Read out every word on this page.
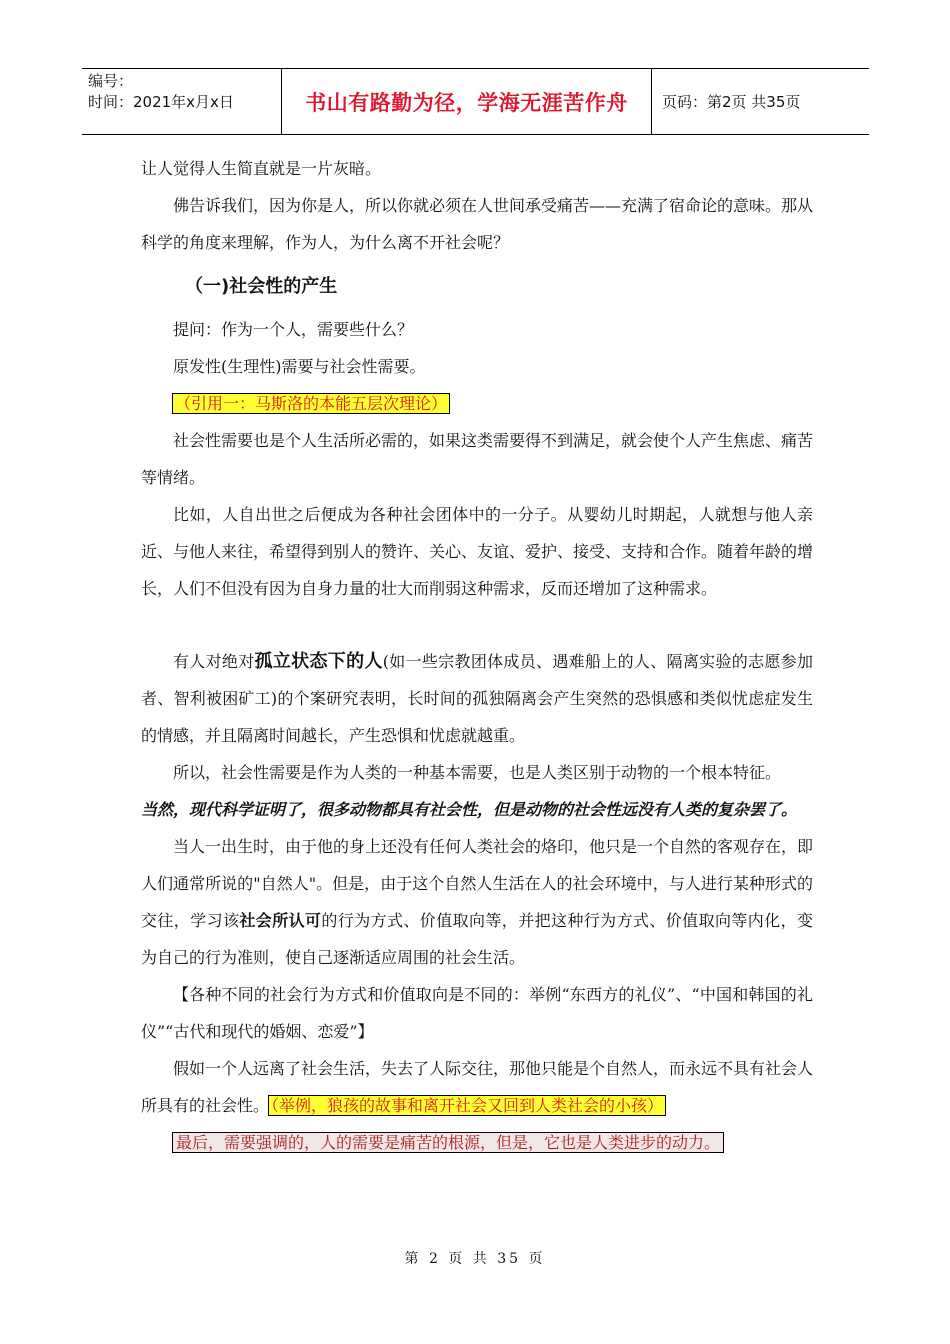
编号：
时间：2021年x月x日	书山有路勤为径，学海无涯苦作舟	页码：第2页 共35页

让人觉得人生简直就是一片灰暗。

佛告诉我们，因为你是人，所以你就必须在人世间承受痛苦——充满了宿命论的意味。那从科学的角度来理解，作为人，为什么离不开社会呢？

（一)社会性的产生

提问：作为一个人，需要些什么？

原发性(生理性)需要与社会性需要。

（引用一：马斯洛的本能五层次理论）

社会性需要也是个人生活所必需的，如果这类需要得不到满足，就会使个人产生焦虑、痛苦等情绪。

比如，人自出世之后便成为各种社会团体中的一分子。从婴幼儿时期起，人就想与他人亲近、与他人来往，希望得到别人的赞许、关心、友谊、爱护、接受、支持和合作。随着年龄的增长，人们不但没有因为自身力量的壮大而削弱这种需求，反而还增加了这种需求。

有人对绝对孤立状态下的人(如一些宗教团体成员、遇难船上的人、隔离实验的志愿参加者、智利被困矿工)的个案研究表明，长时间的孤独隔离会产生突然的恐惧感和类似忧虑症发生的情感，并且隔离时间越长，产生恐惧和忧虑就越重。

所以，社会性需要是作为人类的一种基本需要，也是人类区别于动物的一个根本特征。

当然，现代科学证明了，很多动物都具有社会性，但是动物的社会性远没有人类的复杂罢了。

当人一出生时，由于他的身上还没有任何人类社会的烙印，他只是一个自然的客观存在，即人们通常所说的"自然人"。但是，由于这个自然人生活在人的社会环境中，与人进行某种形式的交往，学习该社会所认可的行为方式、价值取向等，并把这种行为方式、价值取向等内化，变为自己的行为准则，使自己逐渐适应周围的社会生活。

【各种不同的社会行为方式和价值取向是不同的：举例“东西方的礼仪”、“中国和韩国的礼仪”“古代和现代的婚姻、恋爱”】

假如一个人远离了社会生活，失去了人际交往，那他只能是个自然人，而永远不具有社会人所具有的社会性。 （举例，狼孩的故事和离开社会又回到人类社会的小孩）

最后，需要强调的，人的需要是痛苦的根源，但是，它也是人类进步的动力。

第 2 页 共 35 页
